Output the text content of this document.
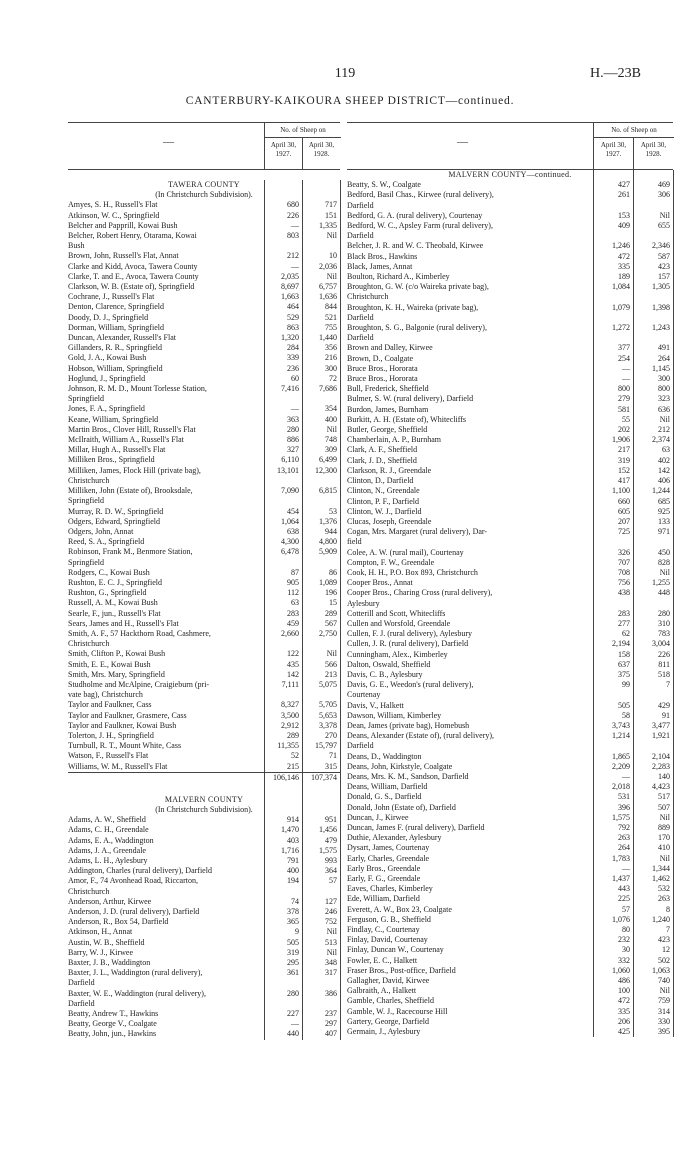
119	H.—23B
CANTERBURY-KAIKOURA SHEEP DISTRICT—continued.
—
No. of Sheep on
April 30, 1927.
April 30, 1928.
TAWERA COUNTY
(In Christchurch Subdivision).
Amyes, S. H., Russell's Flat	680	717
Atkinson, W. C., Springfield	226	151
Belcher and Papprill, Kowai Bush	—	1,335
Belcher, Robert Henry, Otarama, Kowai
Bush
803	Nil
Brown, John, Russell's Flat, Annat	212	10
Clarke and Kidd, Avoca, Tawera County	—	2,036
Clarke, T. and E., Avoca, Tawera County	2,035	Nil
Clarkson, W. B. (Estate of), Springfield	8,697	6,757
Cochrane, J., Russell's Flat	1,663	1,636
Denton, Clarence, Springfield	464	844
Doody, D. J., Springfield	529	521
Dorman, William, Springfield	863	755
Duncan, Alexander, Russell's Flat	1,320	1,440
Gillanders, R. R., Springfield	284	356
Gold, J. A., Kowai Bush	339	216
Hobson, William, Springfield	236	300
Hoglund, J., Springfield	60	72
Johnson, R. M. D., Mount Torlesse Station,
Springfield
7,416	7,686
Jones, F. A., Springfield	—	354
Keane, William, Springfield	363	400
Martin Bros., Clover Hill, Russell's Flat	280	Nil
McIlraith, William A., Russell's Flat	886	748
Millar, Hugh A., Russell's Flat	327	309
Milliken Bros., Springfield	6,110	6,499
Milliken, James, Flock Hill (private bag),
Christchurch
13,101	12,300
Milliken, John (Estate of), Brooksdale,
Springfield
7,090	6,815
Murray, R. D. W., Springfield	454	53
Odgers, Edward, Springfield	1,064	1,376
Odgers, John, Annat	638	944
Reed, S. A., Springfield	4,300	4,800
Robinson, Frank M., Benmore Station,
Springfield
6,478	5,909
Rodgers, C., Kowai Bush	87	86
Rushton, E. C. J., Springfield	905	1,089
Rushton, G., Springfield	112	196
Russell, A. M., Kowai Bush	63	15
Searle, F., jun., Russell's Flat	283	289
Sears, James and H., Russell's Flat	459	567
Smith, A. F., 57 Hackthorn Road, Cashmere,
Christchurch
2,660	2,750
Smith, Clifton P., Kowai Bush	122	Nil
Smith, E. E., Kowai Bush	435	566
Smith, Mrs. Mary, Springfield	142	213
Studholme and McAlpine, Craigieburn (pri-
vate bag), Christchurch
7,111	5,075
Taylor and Faulkner, Cass	8,327	5,705
Taylor and Faulkner, Grasmere, Cass	3,500	5,653
Taylor and Faulkner, Kowai Bush	2,912	3,378
Tolerton, J. H., Springfield	289	270
Turnbull, R. T., Mount White, Cass	11,355	15,797
Watson, F., Russell's Flat	52	71
Williams, W. M., Russell's Flat	215	315
106,146	107,374

MALVERN COUNTY
(In Christchurch Subdivision).
Adams, A. W., Sheffield	914	951
Adams, C. H., Greendale	1,470	1,456
Adams, E. A., Waddington	403	479
Adams, J. A., Greendale	1,716	1,575
Adams, L. H., Aylesbury	791	993
Addington, Charles (rural delivery), Darfield	400	364
Amor, F., 74 Avonhead Road, Riccarton,
Christchurch
194	57
Anderson, Arthur, Kirwee	74	127
Anderson, J. D. (rural delivery), Darfield	378	246
Anderson, R., Box 54, Darfield	365	752
Atkinson, H., Annat	9	Nil
Austin, W. B., Sheffield	505	513
Barry, W. J., Kirwee	319	Nil
Baxter, J. B., Waddington	295	348
Baxter, J. L., Waddington (rural delivery),
Darfield
361	317
Baxter, W. E., Waddington (rural delivery),
Darfield
280	386
Beatty, Andrew T., Hawkins	227	237
Beatty, George V., Coalgate	—	297
Beatty, John, jun., Hawkins	440	407
—
No. of Sheep on
April 30, 1927.
April 30, 1928.
MALVERN COUNTY—continued.
Beatty, S. W., Coalgate	427	469
Bedford, Basil Chas., Kirwee (rural delivery),
Darfield
261	306
Bedford, G. A. (rural delivery), Courtenay	153	Nil
Bedford, W. C., Apsley Farm (rural delivery),
Darfield
409	655
Belcher, J. R. and W. C. Theobald, Kirwee	1,246	2,346
Black Bros., Hawkins	472	587
Black, James, Annat	335	423
Boulton, Richard A., Kimberley	189	157
Broughton, G. W. (c/o Waireka private bag),
Christchurch
1,084	1,305
Broughton, K. H., Waireka (private bag),
Darfield
1,079	1,398
Broughton, S. G., Balgonie (rural delivery),
Darfield
1,272	1,243
Brown and Dalley, Kirwee	377	491
Brown, D., Coalgate	254	264
Bruce Bros., Hororata	—	1,145
Bruce Bros., Hororata	—	300
Bull, Frederick, Sheffield	800	800
Bulmer, S. W. (rural delivery), Darfield	279	323
Burdon, James, Burnham	581	636
Burkitt, A. H. (Estate of), Whitecliffs	55	Nil
Butler, George, Sheffield	202	212
Chamberlain, A. P., Burnham	1,906	2,374
Clark, A. F., Sheffield	217	63
Clark, J. D., Sheffield	319	402
Clarkson, R. J., Greendale	152	142
Clinton, D., Darfield	417	406
Clinton, N., Greendale	1,100	1,244
Clinton, P. F., Darfield	660	685
Clinton, W. J., Darfield	605	925
Clucas, Joseph, Greendale	207	133
Cogan, Mrs. Margaret (rural delivery), Dar-
field
725	971
Colee, A. W. (rural mail), Courtenay	326	450
Compton, F. W., Greendale	707	828
Cook, H. H., P.O. Box 893, Christchurch	708	Nil
Cooper Bros., Annat	756	1,255
Cooper Bros., Charing Cross (rural delivery),
Aylesbury
438	448
Cotterill and Scott, Whitecliffs	283	280
Cullen and Worsfold, Greendale	277	310
Cullen, F. J. (rural delivery), Aylesbury	62	783
Cullen, J. R. (rural delivery), Darfield	2,194	3,004
Cunningham, Alex., Kimberley	158	226
Dalton, Oswald, Sheffield	637	811
Davis, C. B., Aylesbury	375	518
Davis, G. E., Weedon's (rural delivery),
Courtenay
99	7
Davis, V., Halkett	505	429
Dawson, William, Kimberley	58	91
Dean, James (private bag), Homebush	3,743	3,477
Deans, Alexander (Estate of), (rural delivery),
Darfield
1,214	1,921
Deans, D., Waddington	1,865	2,104
Deans, John, Kirkstyle, Coalgate	2,209	2,283
Deans, Mrs. K. M., Sandson, Darfield	—	140
Deans, William, Darfield	2,018	4,423
Donald, G. S., Darfield	531	517
Donald, John (Estate of), Darfield	396	507
Duncan, J., Kirwee	1,575	Nil
Duncan, James F. (rural delivery), Darfield	792	889
Duthie, Alexander, Aylesbury	263	170
Dysart, James, Courtenay	264	410
Early, Charles, Greendale	1,783	Nil
Early Bros., Greendale	—	1,344
Early, F. G., Greendale	1,437	1,462
Eaves, Charles, Kimberley	443	532
Ede, William, Darfield	225	263
Everett, A. W., Box 23, Coalgate	57	8
Ferguson, G. B., Sheffield	1,076	1,240
Findlay, C., Courtenay	80	7
Finlay, David, Courtenay	232	423
Finlay, Duncan W., Courtenay	30	12
Fowler, E. C., Halkett	332	502
Fraser Bros., Post-office, Darfield	1,060	1,063
Gallagher, David, Kirwee	486	740
Galbraith, A., Halkett	100	Nil
Gamble, Charles, Sheffield	472	759
Gamble, W. J., Racecourse Hill	335	314
Gartery, George, Darfield	206	330
Germain, J., Aylesbury	425	395
